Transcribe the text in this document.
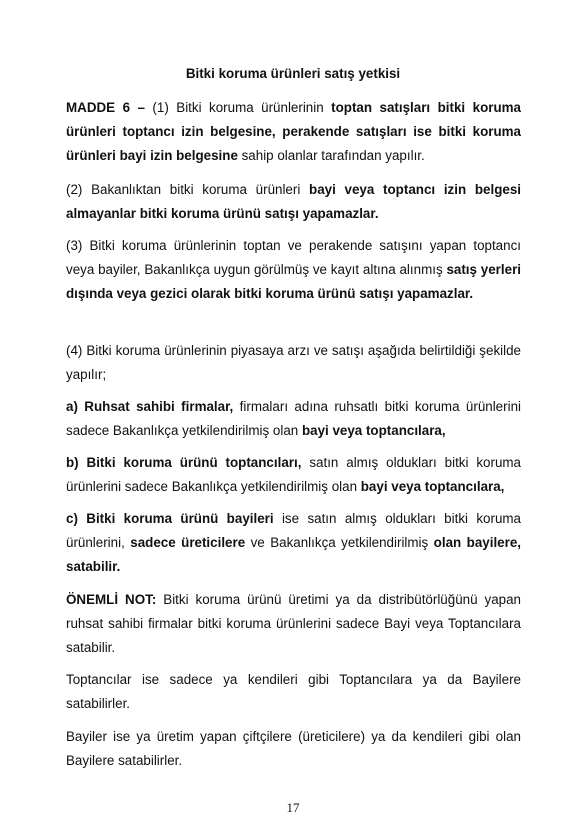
Bitki koruma ürünleri satış yetkisi

MADDE 6 – (1) Bitki koruma ürünlerinin toptan satışları bitki koruma ürünleri toptancı izin belgesine, perakende satışları ise bitki koruma ürünleri bayi izin belgesine sahip olanlar tarafından yapılır.

(2) Bakanlıktan bitki koruma ürünleri bayi veya toptancı izin belgesi almayanlar bitki koruma ürünü satışı yapamazlar.

(3) Bitki koruma ürünlerinin toptan ve perakende satışını yapan toptancı veya bayiler, Bakanlıkça uygun görülmüş ve kayıt altına alınmış satış yerleri dışında veya gezici olarak bitki koruma ürünü satışı yapamazlar.

(4) Bitki koruma ürünlerinin piyasaya arzı ve satışı aşağıda belirtildiği şekilde yapılır;

a) Ruhsat sahibi firmalar, firmaları adına ruhsatlı bitki koruma ürünlerini sadece Bakanlıkça yetkilendirilmiş olan bayi veya toptancılara,

b) Bitki koruma ürünü toptancıları, satın almış oldukları bitki koruma ürünlerini sadece Bakanlıkça yetkilendirilmiş olan bayi veya toptancılara,

c) Bitki koruma ürünü bayileri ise satın almış oldukları bitki koruma ürünlerini, sadece üreticilere ve Bakanlıkça yetkilendirilmiş olan bayilere, satabilir.

ÖNEMLİ NOT: Bitki koruma ürünü üretimi ya da distribütörlüğünü yapan ruhsat sahibi firmalar bitki koruma ürünlerini sadece Bayi veya Toptancılara satabilir.

Toptancılar ise sadece ya kendileri gibi Toptancılara ya da Bayilere satabilirler.

Bayiler ise ya üretim yapan çiftçilere (üreticilere) ya da kendileri gibi olan Bayilere satabilirler.

17
